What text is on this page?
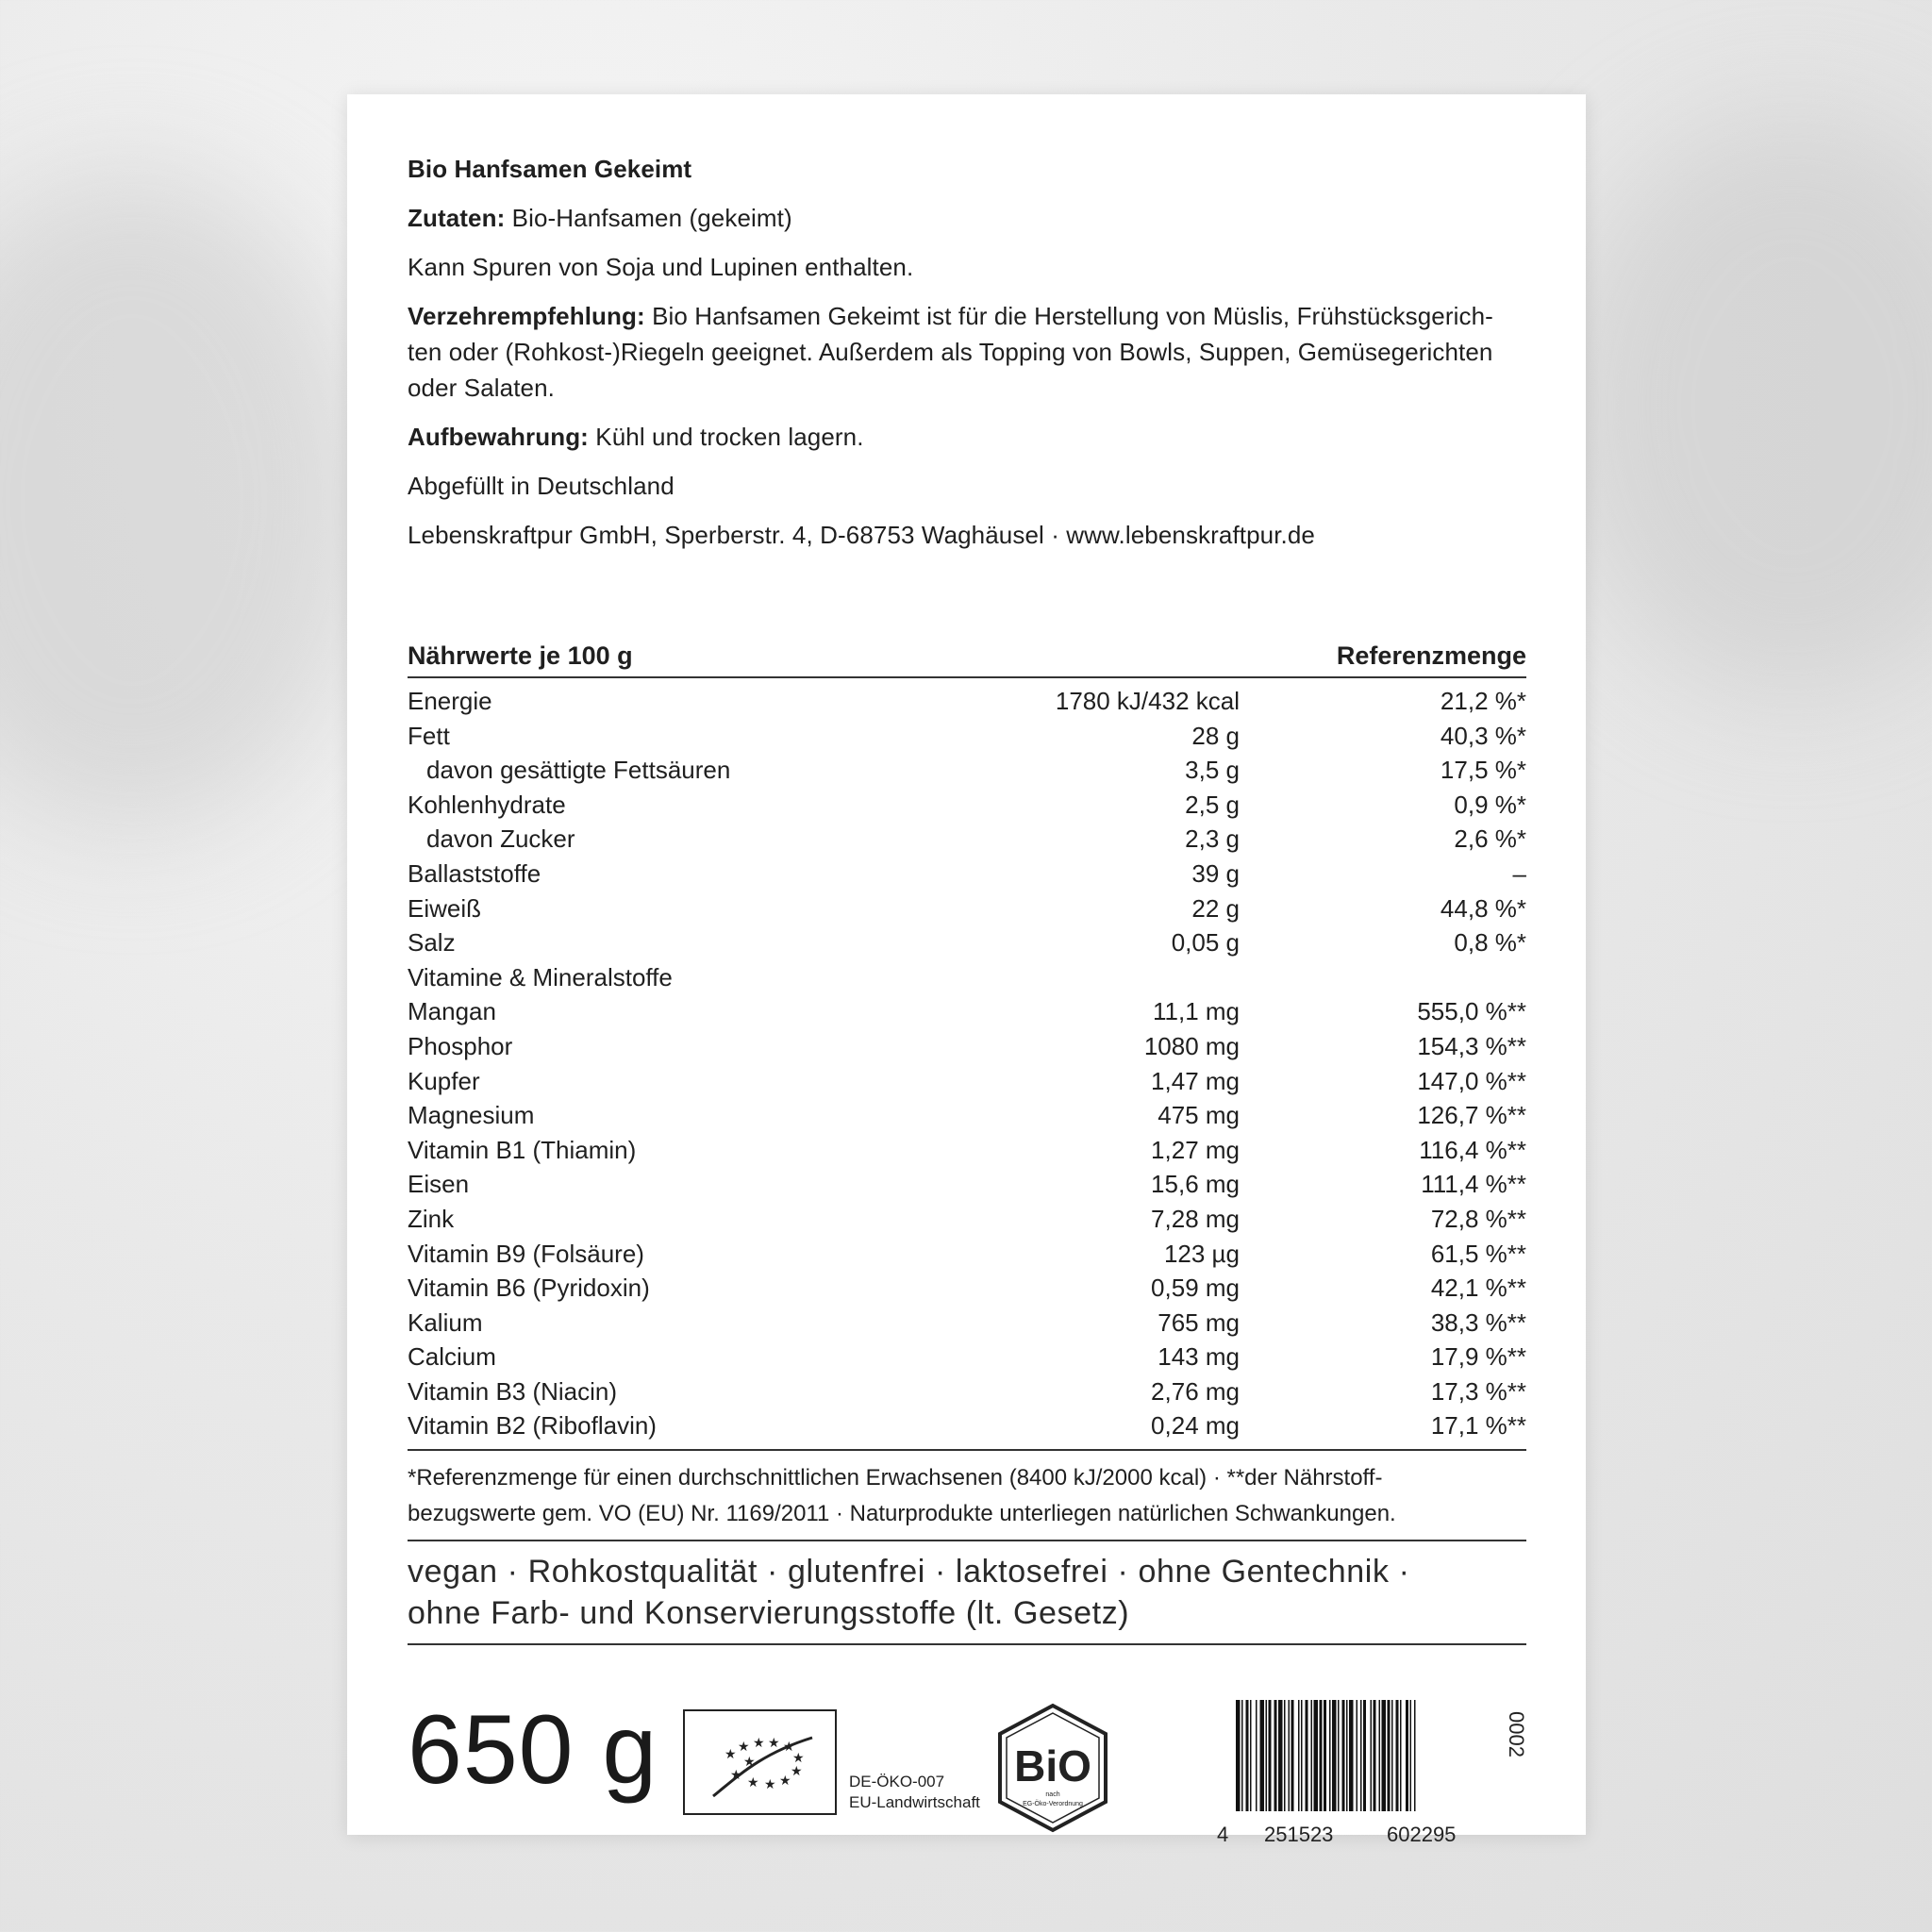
Bio Hanfsamen Gekeimt

Zutaten: Bio-Hanfsamen (gekeimt)

Kann Spuren von Soja und Lupinen enthalten.

Verzehrempfehlung: Bio Hanfsamen Gekeimt ist für die Herstellung von Müslis, Frühstücksgerich-

ten oder (Rohkost-)Riegeln geeignet. Außerdem als Topping von Bowls, Suppen, Gemüsegerichten

oder Salaten.

Aufbewahrung: Kühl und trocken lagern.

Abgefüllt in Deutschland

Lebenskraftpur GmbH, Sperberstr. 4, D-68753 Waghäusel · www.lebenskraftpur.de

Nährwerte je 100 g	Referenzmenge
Energie	1780 kJ/432 kcal	21,2 %*
Fett	28 g	40,3 %*
davon gesättigte Fettsäuren	3,5 g	17,5 %*
Kohlenhydrate	2,5 g	0,9 %*
davon Zucker	2,3 g	2,6 %*
Ballaststoffe	39 g	–
Eiweiß	22 g	44,8 %*
Salz	0,05 g	0,8 %*
Vitamine & Mineralstoffe
Mangan	11,1 mg	555,0 %**
Phosphor	1080 mg	154,3 %**
Kupfer	1,47 mg	147,0 %**
Magnesium	475 mg	126,7 %**
Vitamin B1 (Thiamin)	1,27 mg	116,4 %**
Eisen	15,6 mg	111,4 %**
Zink	7,28 mg	72,8 %**
Vitamin B9 (Folsäure)	123 µg	61,5 %**
Vitamin B6 (Pyridoxin)	0,59 mg	42,1 %**
Kalium	765 mg	38,3 %**
Calcium	143 mg	17,9 %**
Vitamin B3 (Niacin)	2,76 mg	17,3 %**
Vitamin B2 (Riboflavin)	0,24 mg	17,1 %**
*Referenzmenge für einen durchschnittlichen Erwachsenen (8400 kJ/2000 kcal) · **der Nährstoff-
bezugswerte gem. VO (EU) Nr. 1169/2011 · Naturprodukte unterliegen natürlichen Schwankungen.
vegan · Rohkostqualität · glutenfrei · laktosefrei · ohne Gentechnik ·
ohne Farb- und Konservierungsstoffe (lt. Gesetz)
650 g	★ ★ ★ ★ ★
★
★ ★ ★ ★
★
★
DE-ÖKO-007
EU-Landwirtschaft
BiO
nach
EG-Öko-Verordnung
4 251523	602295
0002
